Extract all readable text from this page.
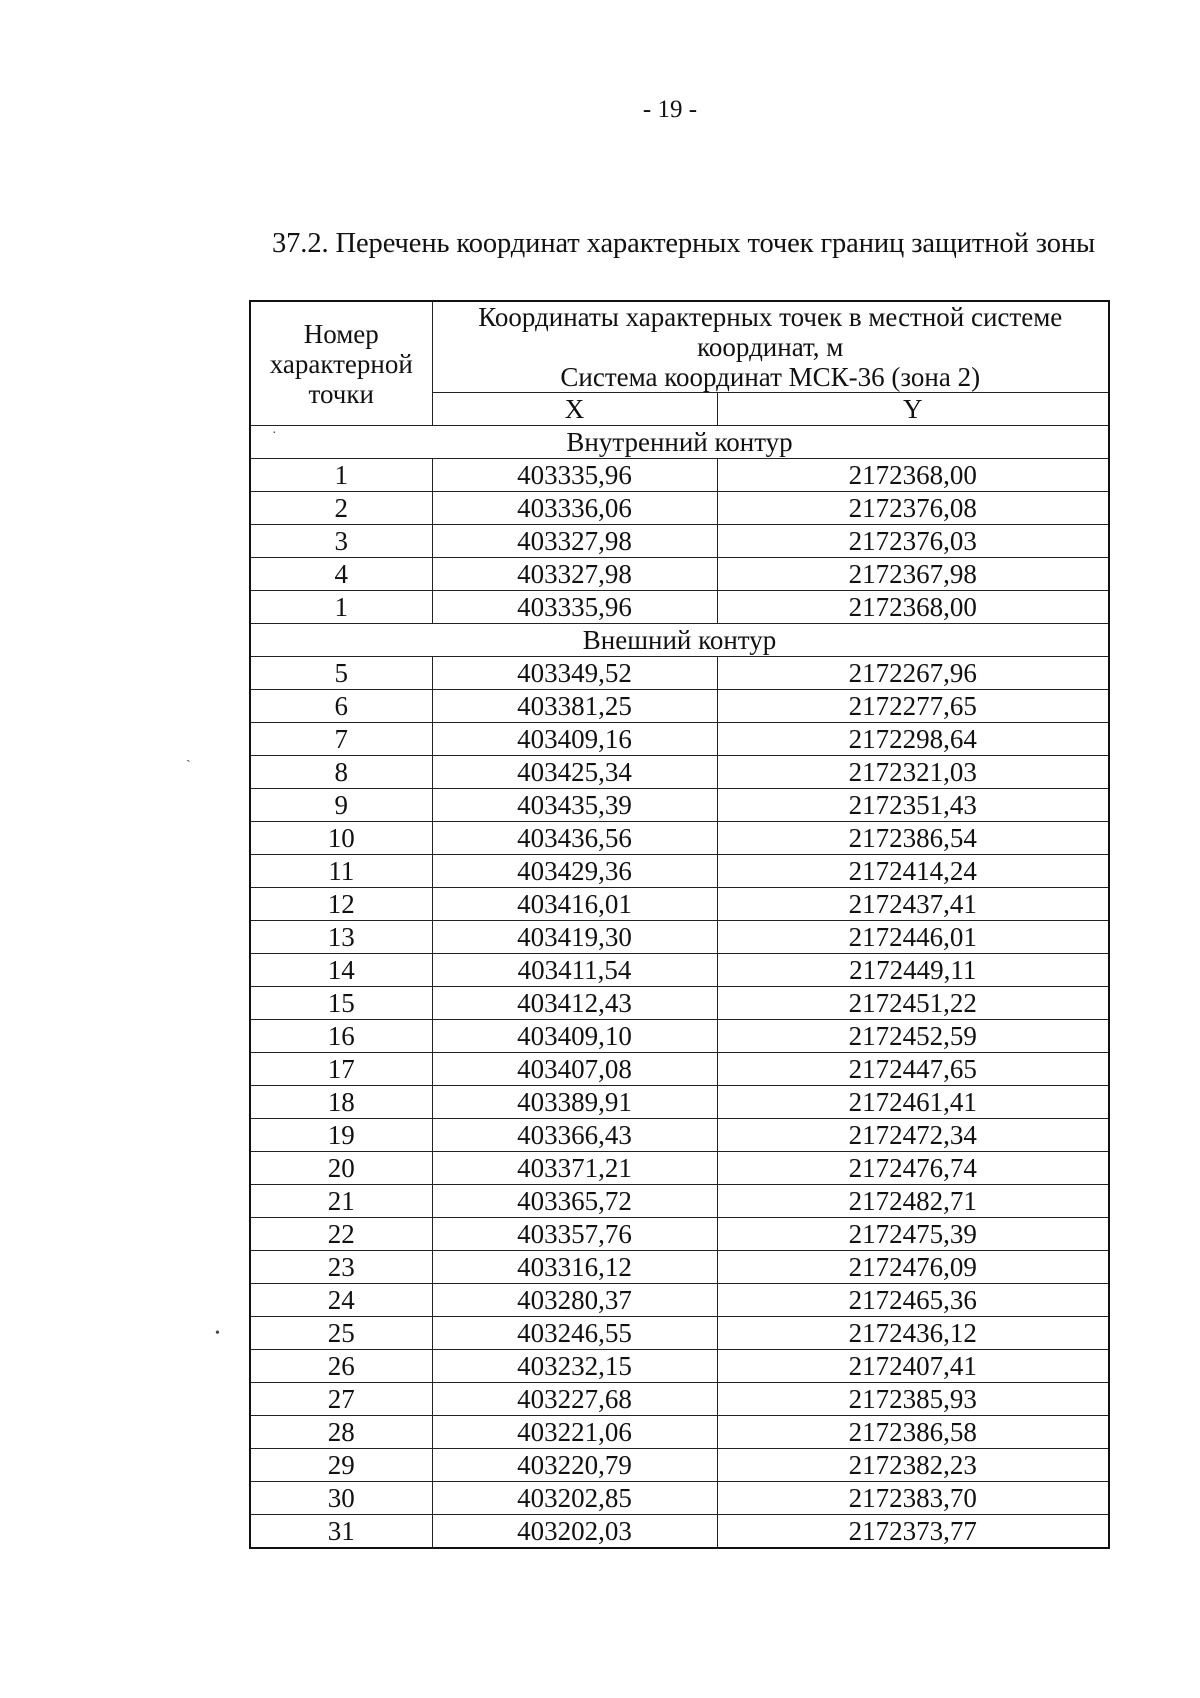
- 19 -
37.2. Перечень координат характерных точек границ защитной зоны
Номер характерной точки	Координаты характерных точек в местной системе
координат, м
Система координат МСК-36 (зона 2)	

	X	Y
Внутренний контур		
1	403335,96	2172368,00
2	403336,06	2172376,08
3	403327,98	2172376,03
4	403327,98	2172367,98
1	403335,96	2172368,00
Внешний контур		
5	403349,52	2172267,96
6	403381,25	2172277,65
7	403409,16	2172298,64
8	403425,34	2172321,03
9	403435,39	2172351,43
10	403436,56	2172386,54
11	403429,36	2172414,24
12	403416,01	2172437,41
13	403419,30	2172446,01
14	403411,54	2172449,11
15	403412,43	2172451,22
16	403409,10	2172452,59
17	403407,08	2172447,65
18	403389,91	2172461,41
19	403366,43	2172472,34
20	403371,21	2172476,74
21	403365,72	2172482,71
22	403357,76	2172475,39
23	403316,12	2172476,09
24	403280,37	2172465,36
25	403246,55	2172436,12
26	403232,15	2172407,41
27	403227,68	2172385,93
28	403221,06	2172386,58
29	403220,79	2172382,23
30	403202,85	2172383,70
31	403202,03	2172373,77
ˏ
•
·
